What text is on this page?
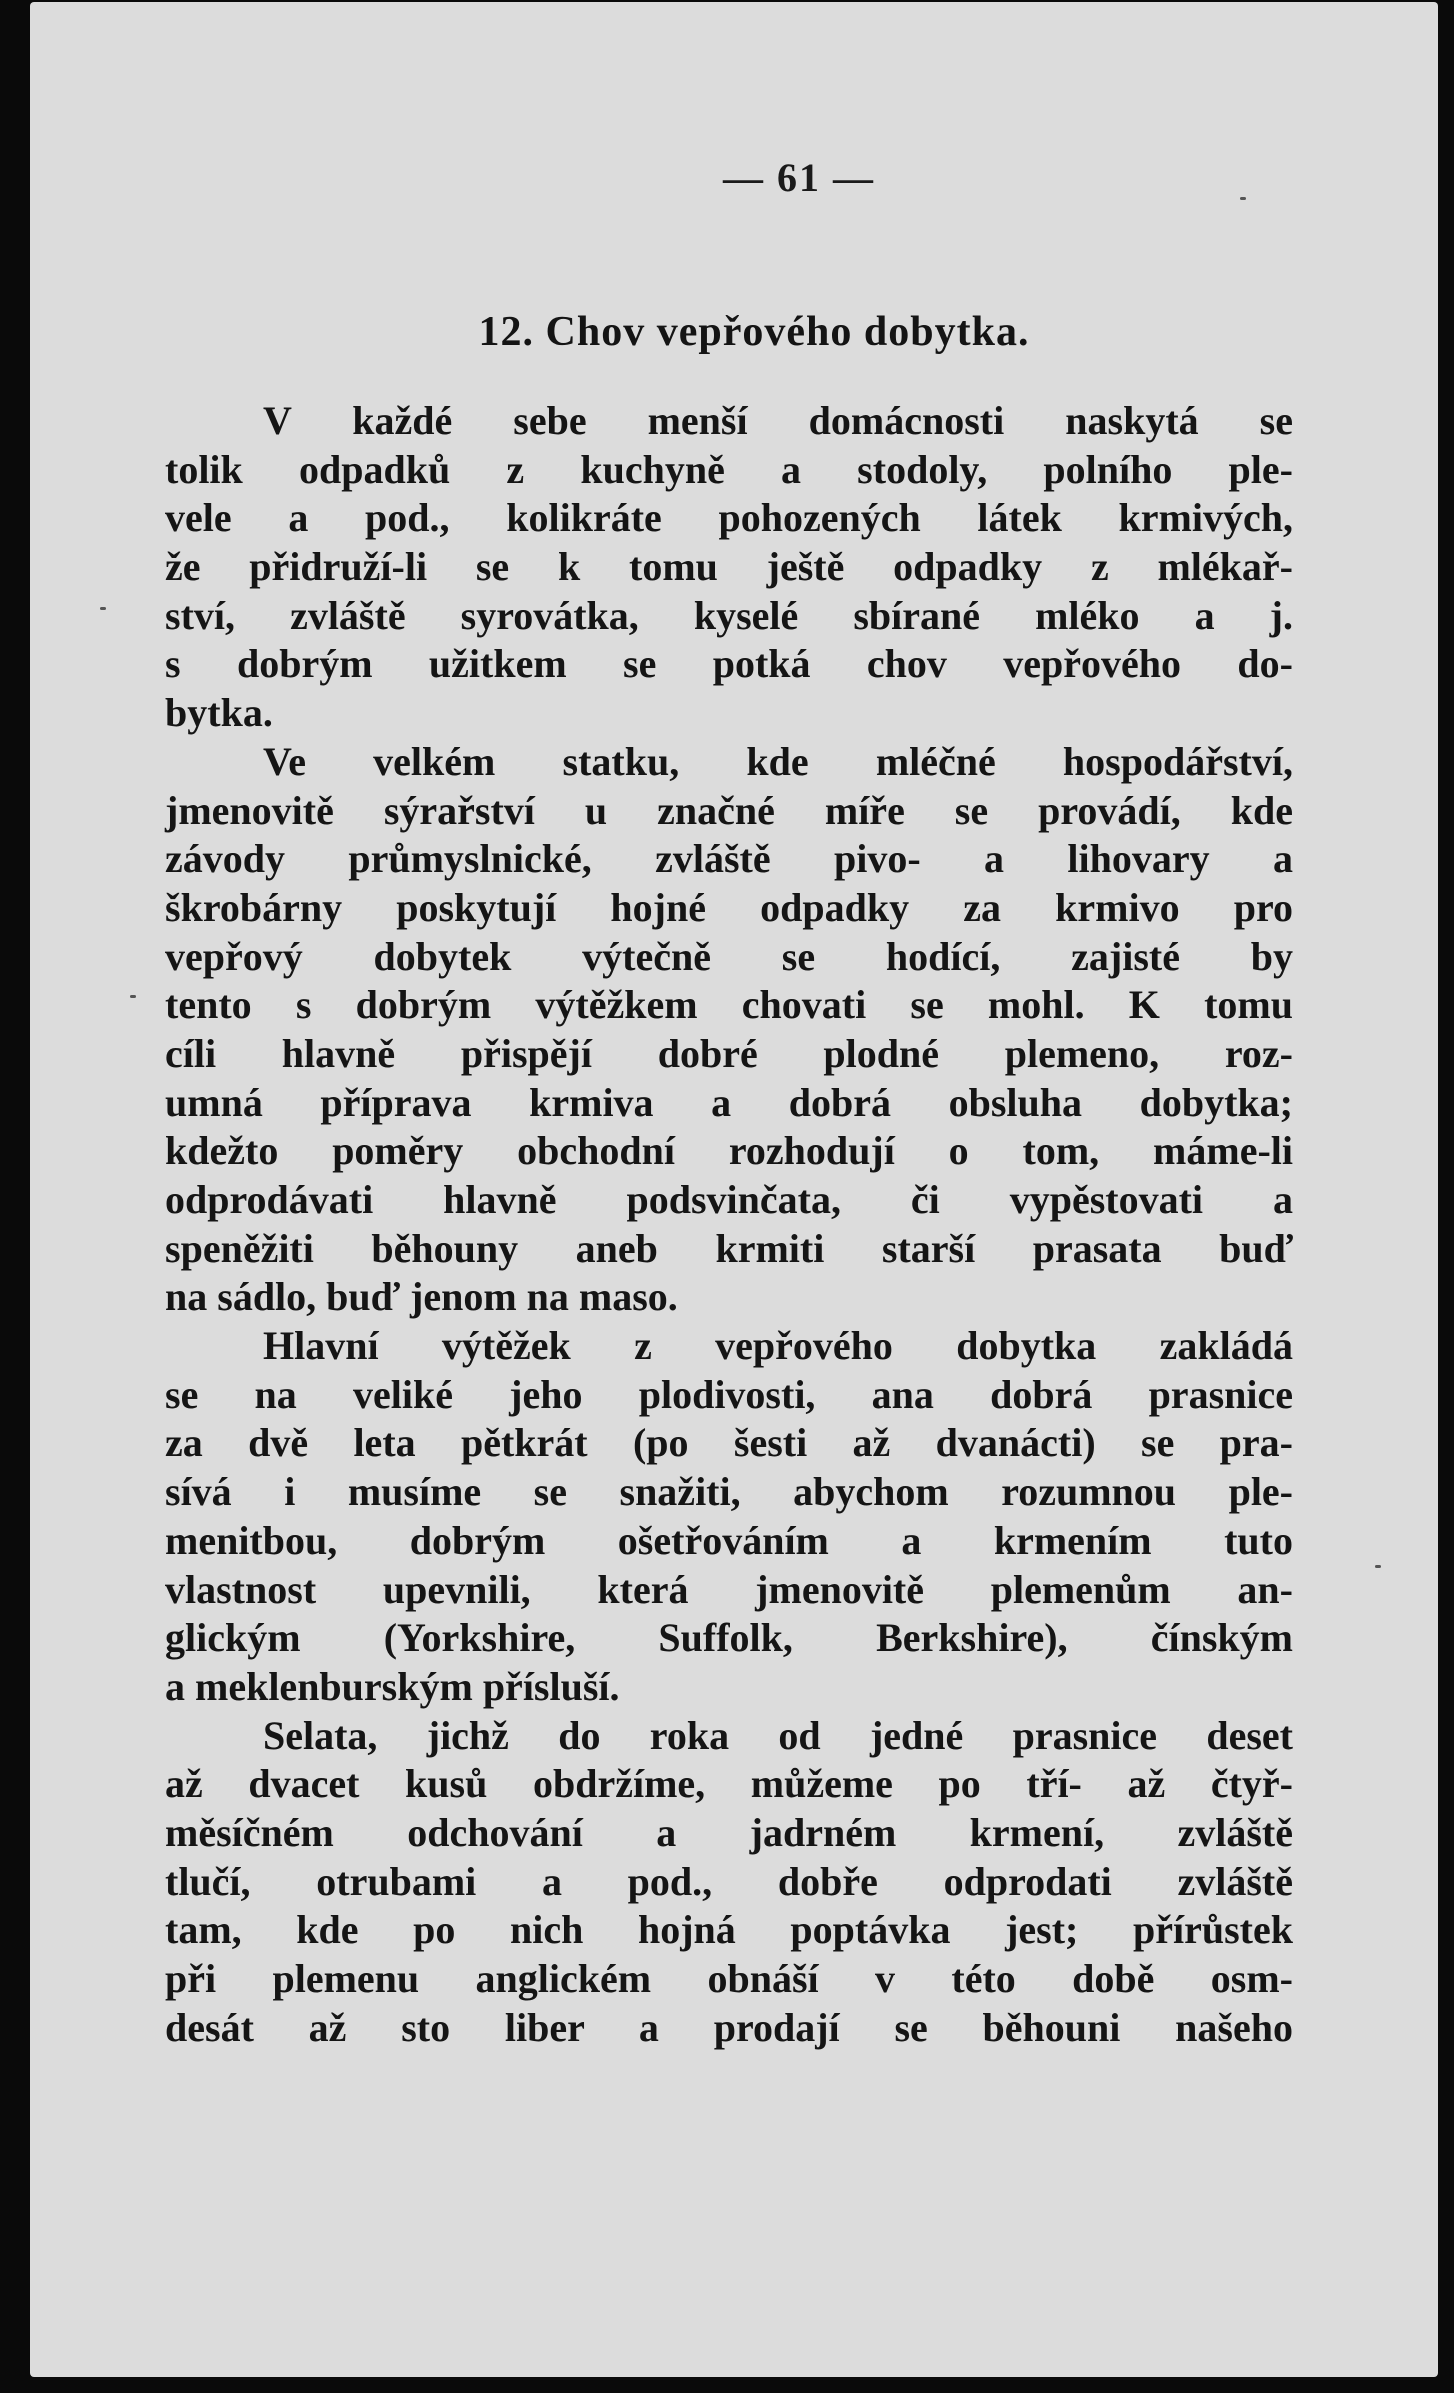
— 61 —
12. Chov vepřového dobytka.
V každé sebe menší domácnosti naskytá se
tolik odpadků z kuchyně a stodoly, polního ple-
vele a pod., kolikráte pohozených látek krmivých,
že přidruží-li se k tomu ještě odpadky z mlékař-
ství, zvláště syrovátka, kyselé sbírané mléko a j.
s dobrým užitkem se potká chov vepřového do-
bytka.
Ve velkém statku, kde mléčné hospodářství,
jmenovitě sýrařství u značné míře se provádí, kde
závody průmyslnické, zvláště pivo- a lihovary a
škrobárny poskytují hojné odpadky za krmivo pro
vepřový dobytek výtečně se hodící, zajisté by
tento s dobrým výtěžkem chovati se mohl. K tomu
cíli hlavně přispějí dobré plodné plemeno, roz-
umná příprava krmiva a dobrá obsluha dobytka;
kdežto poměry obchodní rozhodují o tom, máme-li
odprodávati hlavně podsvinčata, či vypěstovati a
speněžiti běhouny aneb krmiti starší prasata buď
na sádlo, buď jenom na maso.
Hlavní výtěžek z vepřového dobytka zakládá
se na veliké jeho plodivosti, ana dobrá prasnice
za dvě leta pětkrát (po šesti až dvanácti) se pra-
sívá i musíme se snažiti, abychom rozumnou ple-
menitbou, dobrým ošetřováním a krmením tuto
vlastnost upevnili, která jmenovitě plemenům an-
glickým (Yorkshire, Suffolk, Berkshire), čínským
a meklenburským přísluší.
Selata, jichž do roka od jedné prasnice deset
až dvacet kusů obdržíme, můžeme po tří- až čtyř-
měsíčném odchování a jadrném krmení, zvláště
tlučí, otrubami a pod., dobře odprodati zvláště
tam, kde po nich hojná poptávka jest; přírůstek
při plemenu anglickém obnáší v této době osm-
desát až sto liber a prodají se běhouni našeho
